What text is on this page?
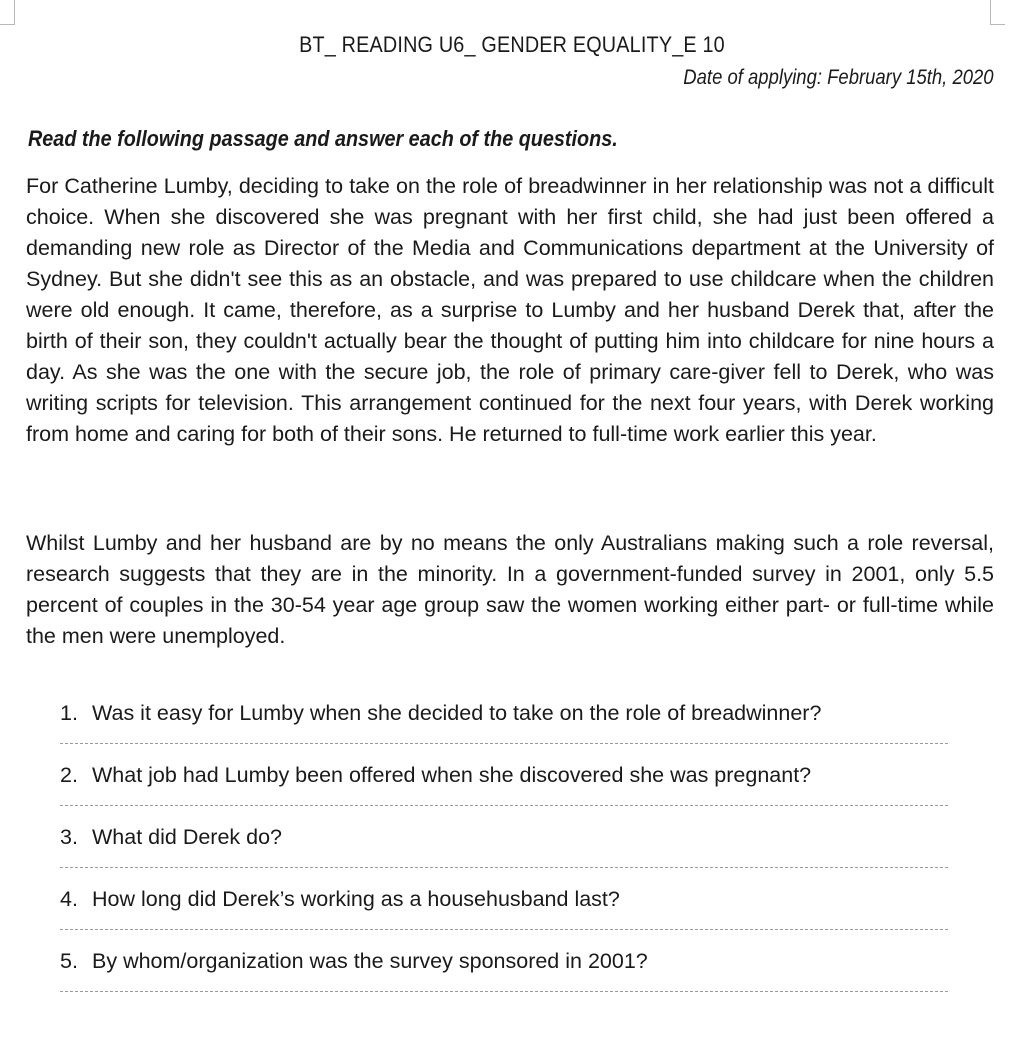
BT_ READING U6_ GENDER EQUALITY_E 10
Date of applying: February 15th, 2020
Read the following passage and answer each of the questions.

For Catherine Lumby, deciding to take on the role of breadwinner in her relationship was not a difficult choice. When she discovered she was pregnant with her first child, she had just been offered a demanding new role as Director of the Media and Communications department at the University of Sydney. But she didn't see this as an obstacle, and was prepared to use childcare when the children were old enough. It came, therefore, as a surprise to Lumby and her husband Derek that, after the birth of their son, they couldn't actually bear the thought of putting him into childcare for nine hours a day. As she was the one with the secure job, the role of primary care-giver fell to Derek, who was writing scripts for television. This arrangement continued for the next four years, with Derek working from home and caring for both of their sons. He returned to full-time work earlier this year.

Whilst Lumby and her husband are by no means the only Australians making such a role reversal, research suggests that they are in the minority. In a government-funded survey in 2001, only 5.5 percent of couples in the 30-54 year age group saw the women working either part- or full-time while the men were unemployed.

1. Was it easy for Lumby when she decided to take on the role of breadwinner?
2. What job had Lumby been offered when she discovered she was pregnant?
3. What did Derek do?
4. How long did Derek’s working as a househusband last?
5. By whom/organization was the survey sponsored in 2001?
